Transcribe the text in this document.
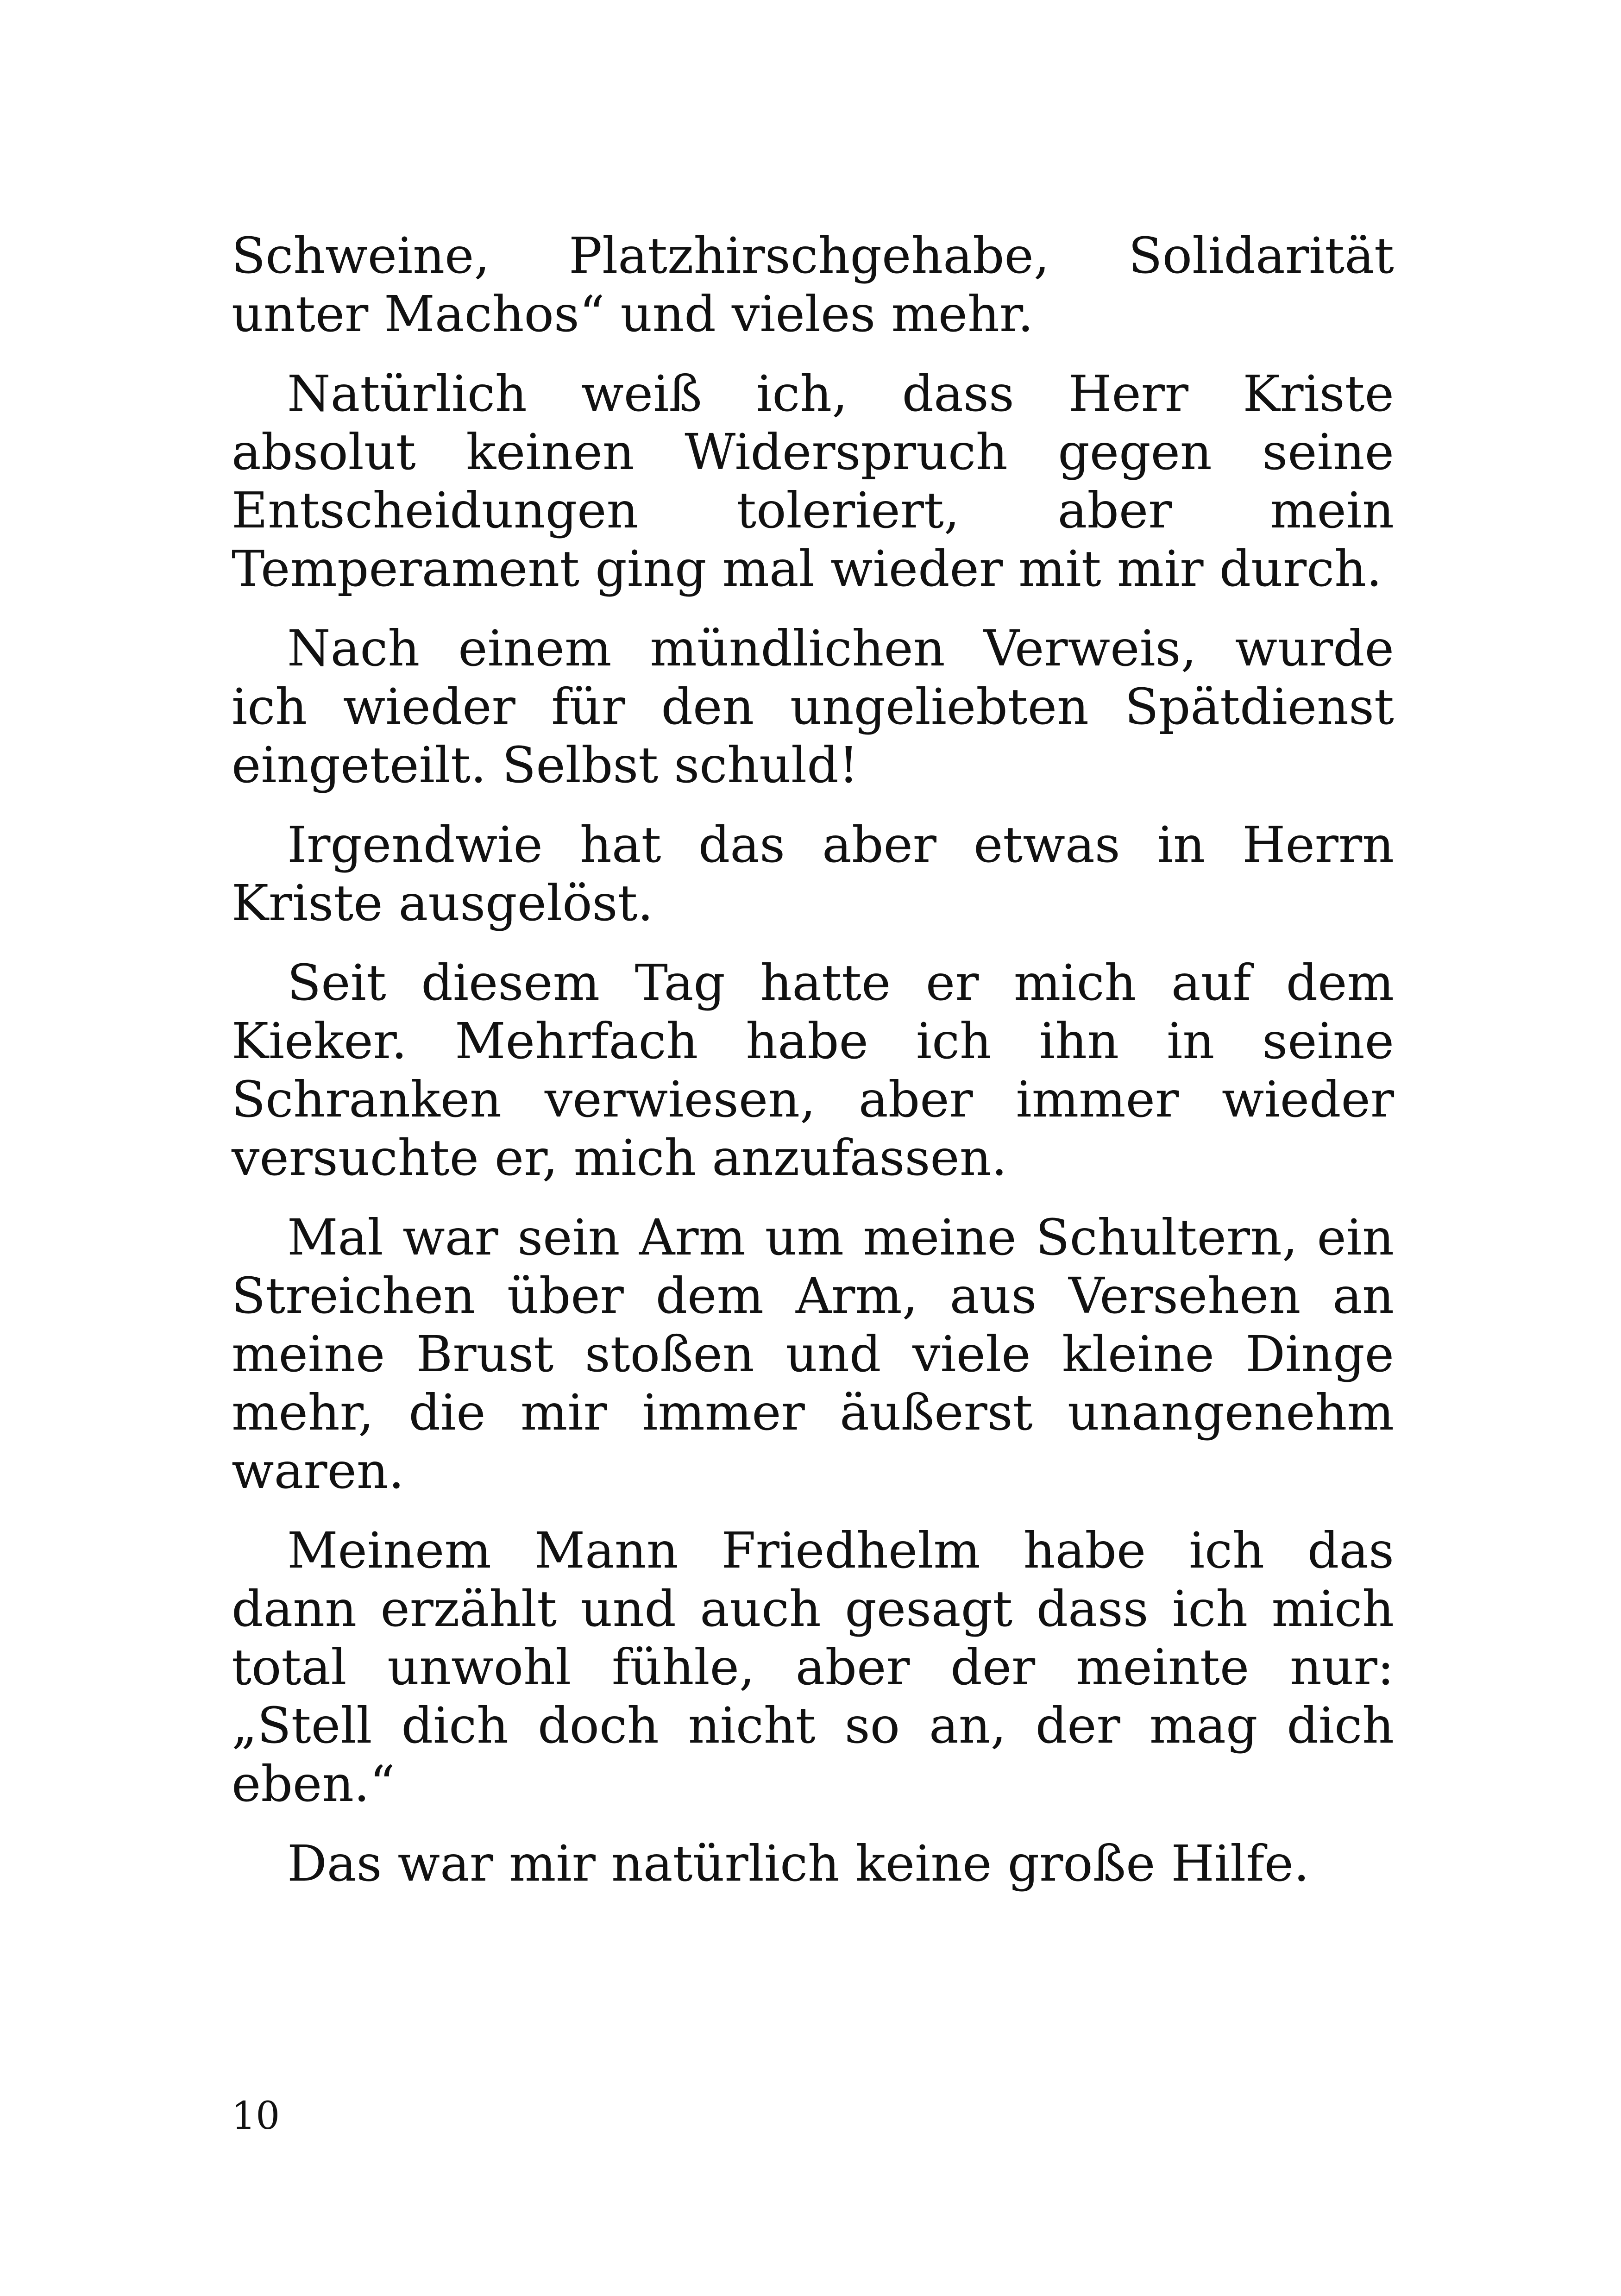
Schweine, Platzhirschgehabe, Solidarität unter Machos“ und vieles mehr.

Natürlich weiß ich, dass Herr Kriste absolut keinen Widerspruch gegen seine Entscheidungen toleriert, aber mein Temperament ging mal wieder mit mir durch.

Nach einem mündlichen Verweis, wurde ich wieder für den ungeliebten Spätdienst eingeteilt. Selbst schuld!

Irgendwie hat das aber etwas in Herrn Kriste ausgelöst.

Seit diesem Tag hatte er mich auf dem Kieker. Mehrfach habe ich ihn in seine Schranken verwiesen, aber immer wieder versuchte er, mich anzufassen.

Mal war sein Arm um meine Schultern, ein Streichen über dem Arm, aus Versehen an meine Brust stoßen und viele kleine Dinge mehr, die mir immer äußerst unangenehm waren.

Meinem Mann Friedhelm habe ich das dann erzählt und auch gesagt dass ich mich total unwohl fühle, aber der meinte nur: „Stell dich doch nicht so an, der mag dich eben.“

Das war mir natürlich keine große Hilfe.

10
